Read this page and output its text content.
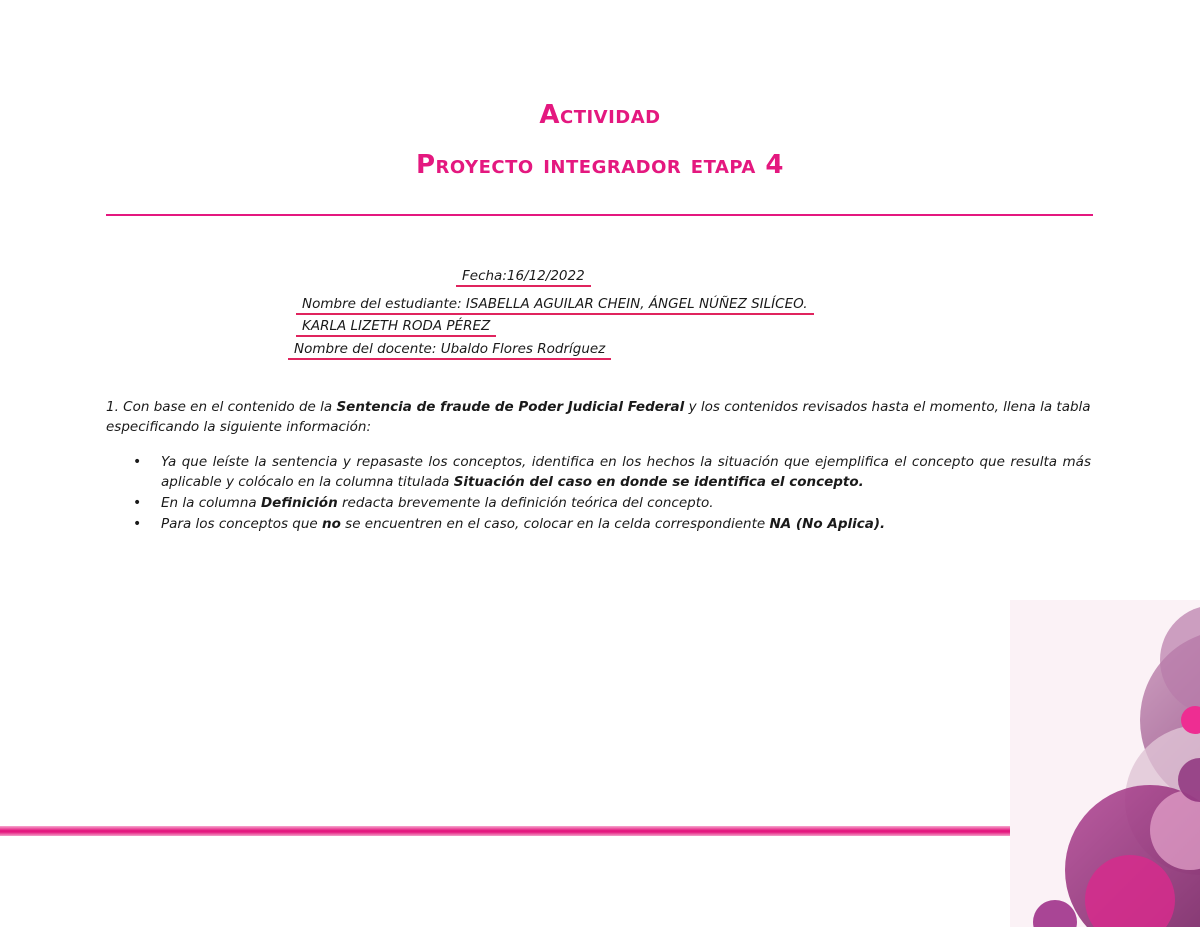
Actividad
Proyecto integrador etapa 4
Fecha:16/12/2022
Nombre del estudiante: ISABELLA AGUILAR CHEIN, ÁNGEL NÚÑEZ SILÍCEO.
KARLA LIZETH RODA PÉREZ
Nombre del docente: Ubaldo Flores Rodríguez
1. Con base en el contenido de la Sentencia de fraude de Poder Judicial Federal y los contenidos revisados hasta el momento, llena la tabla especificando la siguiente información:
• Ya que leíste la sentencia y repasaste los conceptos, identifica en los hechos la situación que ejemplifica el concepto que resulta más aplicable y colócalo en la columna titulada Situación del caso en donde se identifica el concepto.
• En la columna Definición redacta brevemente la definición teórica del concepto.
• Para los conceptos que no se encuentren en el caso, colocar en la celda correspondiente NA (No Aplica).
